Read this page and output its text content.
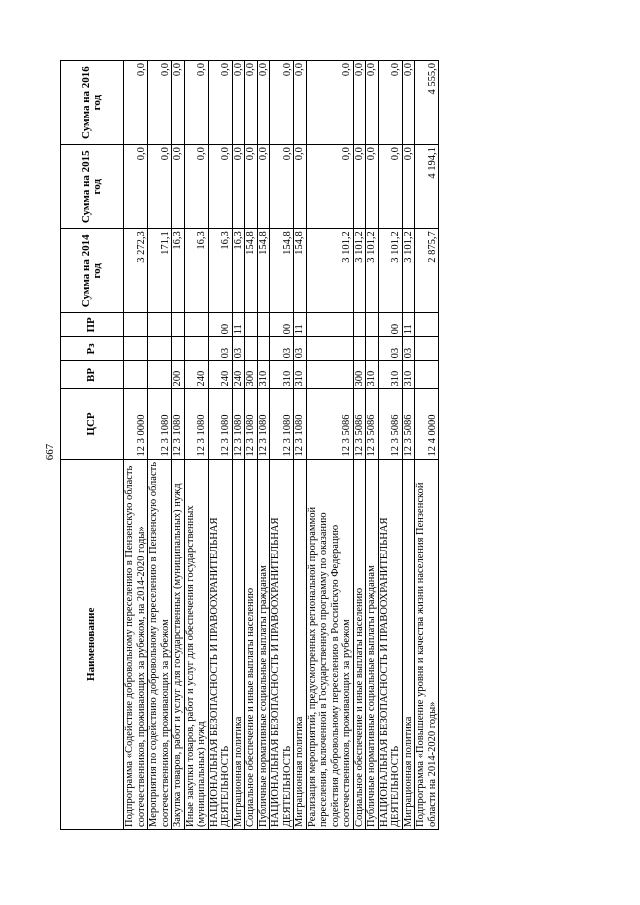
667
Наименование	ЦСР	ВР	Рз	ПР	Сумма на 2014 год	Сумма на 2015 год	Сумма на 2016 год
Подпрограмма «Содействие добровольному переселению в Пензенскую область соотечественников, проживающих за рубежом, на 2014-2020 годы»	12 3 0000				3 272,3	0,0	0,0
Мероприятия по содействию добровольному переселению в Пензенскую область соотечественников, проживающих за рубежом	12 3 1080				171,1	0,0	0,0
Закупка товаров, работ и услуг для государственных (муниципальных) нужд	12 3 1080	200			16,3	0,0	0,0
Иные закупки товаров, работ и услуг для обеспечения государственных (муниципальных) нужд	12 3 1080	240			16,3	0,0	0,0
НАЦИОНАЛЬНАЯ БЕЗОПАСНОСТЬ И ПРАВООХРАНИТЕЛЬНАЯ ДЕЯТЕЛЬНОСТЬ	12 3 1080	240	03	00	16,3	0,0	0,0
Миграционная политика	12 3 1080	240	03	11	16,3	0,0	0,0
Социальное обеспечение и иные выплаты населению	12 3 1080	300			154,8	0,0	0,0
Публичные нормативные социальные выплаты гражданам	12 3 1080	310			154,8	0,0	0,0
НАЦИОНАЛЬНАЯ БЕЗОПАСНОСТЬ И ПРАВООХРАНИТЕЛЬНАЯ ДЕЯТЕЛЬНОСТЬ	12 3 1080	310	03	00	154,8	0,0	0,0
Миграционная политика	12 3 1080	310	03	11	154,8	0,0	0,0
Реализация мероприятий, предусмотренных региональной программой переселения, включенной в Государственную программу по оказанию содействия добровольному переселению в Российскую Федерацию соотечественников, проживающих за рубежом	12 3 5086				3 101,2	0,0	0,0
Социальное обеспечение и иные выплаты населению	12 3 5086	300			3 101,2	0,0	0,0
Публичные нормативные социальные выплаты гражданам	12 3 5086	310			3 101,2	0,0	0,0
НАЦИОНАЛЬНАЯ БЕЗОПАСНОСТЬ И ПРАВООХРАНИТЕЛЬНАЯ ДЕЯТЕЛЬНОСТЬ	12 3 5086	310	03	00	3 101,2	0,0	0,0
Миграционная политика	12 3 5086	310	03	11	3 101,2	0,0	0,0
Подпрограмма «Повышение уровня и качества жизни населения Пензенской области на 2014-2020 годы»	12 4 0000				2 875,7	4 194,1	4 555,0
